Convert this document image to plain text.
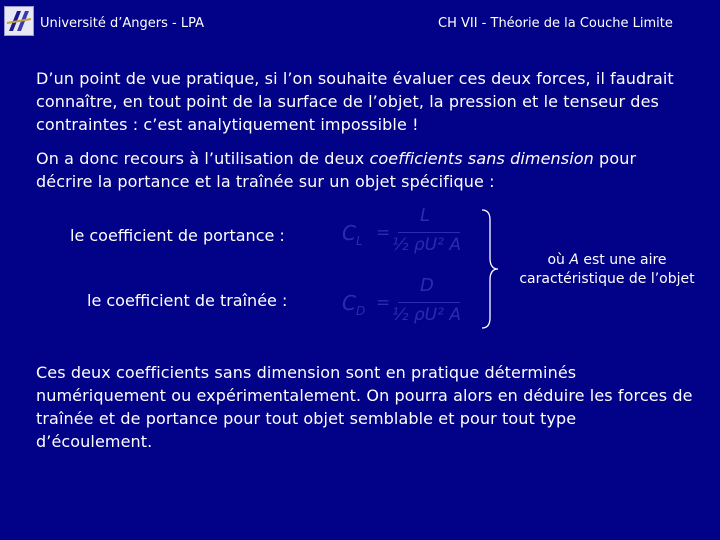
Université d’Angers - LPA	CH VII - Théorie de la Couche Limite
D’un point de vue pratique, si l’on souhaite évaluer ces deux forces, il faudrait connaître, en tout point de la surface de l’objet, la pression et le tenseur des contraintes : c’est analytiquement impossible !
On a donc recours à l’utilisation de deux coefficients sans dimension pour décrire la portance et la traînée sur un objet spécifique :
le coefficient de portance :
le coefficient de traînée :
$C_L$ =
L
½ ρU² A
$C_D$ =
D
½ ρU² A
où A est une aire caractéristique de l’objet
Ces deux coefficients sans dimension sont en pratique déterminés numériquement ou expérimentalement. On pourra alors en déduire les forces de traînée et de portance pour tout objet semblable et pour tout type d’écoulement.
